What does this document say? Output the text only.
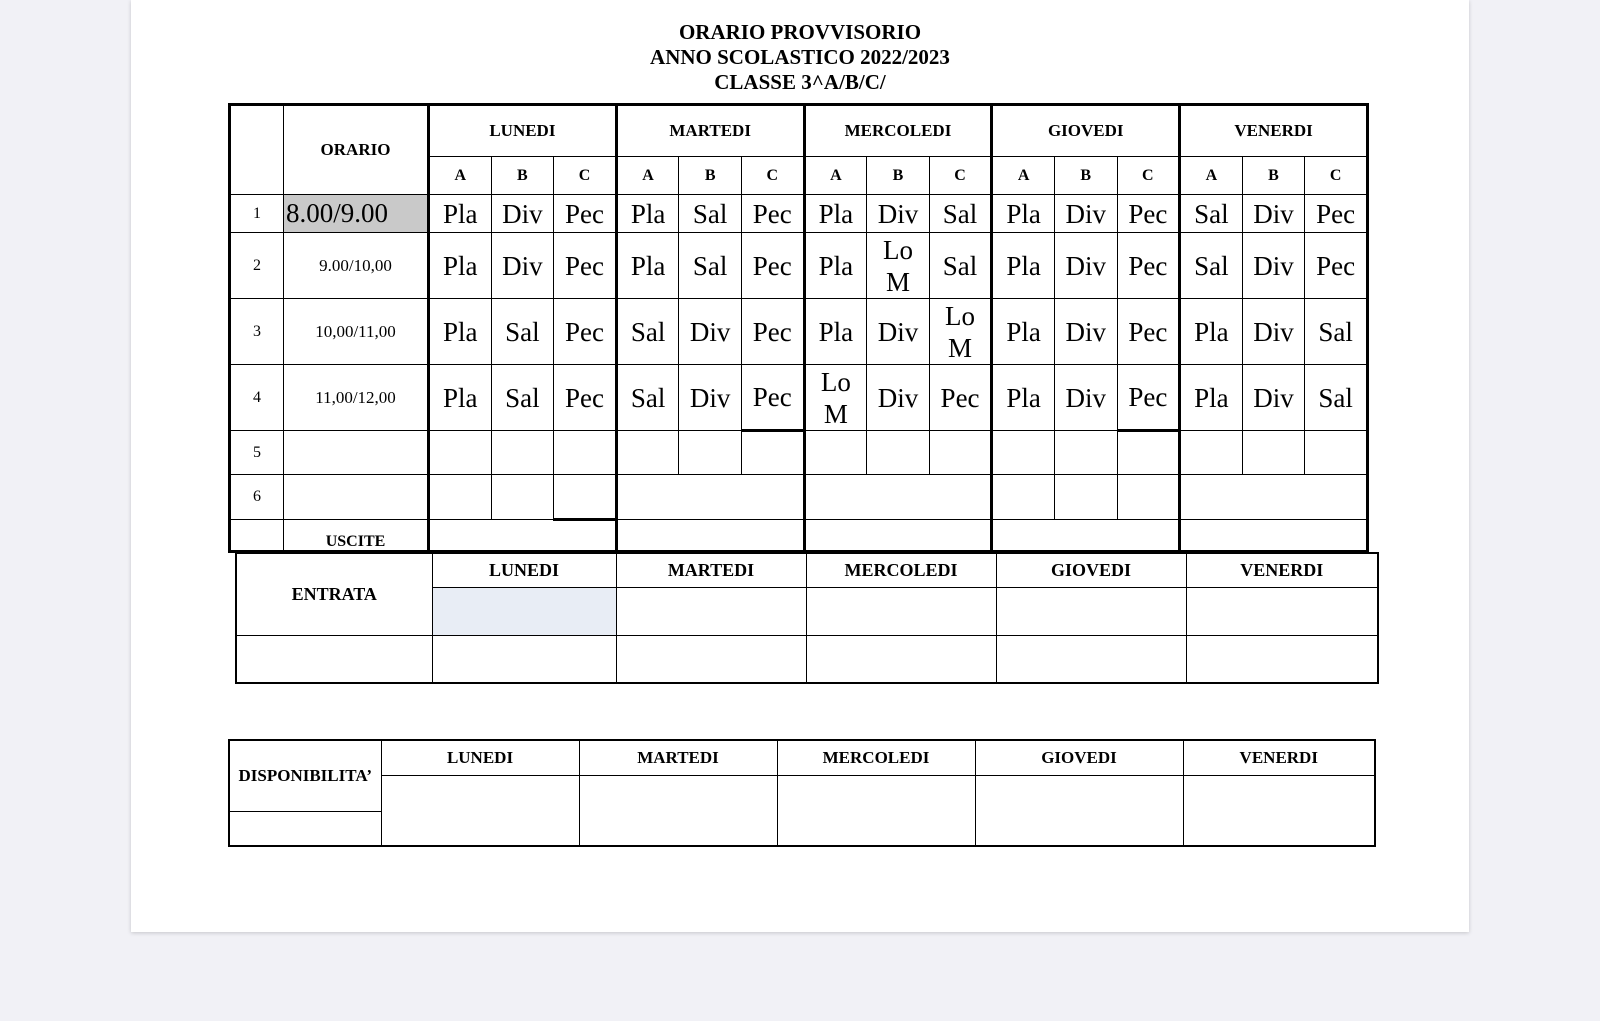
ORARIO PROVVISORIO
ANNO SCOLASTICO 2022/2023
CLASSE 3^A/B/C/
	ORARIO	LUNEDI			MARTEDI			MERCOLEDI			GIOVEDI			VENERDI		
		A	B	C	A	B	C	A	B	C	A	B	C	A	B	C
1	8.00/9.00	Pla	Div	Pec	Pla	Sal	Pec	Pla	Div	Sal	Pla	Div	Pec	Sal	Div	Pec
2	9.00/10,00	Pla	Div	Pec	Pla	Sal	Pec	Pla	Lo
M	Sal	Pla	Div	Pec	Sal	Div	Pec
3	10,00/11,00	Pla	Sal	Pec	Sal	Div	Pec	Pla	Div	Lo
M	Pla	Div	Pec	Pla	Div	Sal
4	11,00/12,00	Pla	Sal	Pec	Sal	Div	Pec	Lo
M	Div	Pec	Pla	Div	Pec	Pla	Div	Sal
5																
6																
	USCITE															
ENTRATA	LUNEDI	MARTEDI	MERCOLEDI	GIOVEDI	VENERDI

DISPONIBILITA’	LUNEDI	MARTEDI	MERCOLEDI	GIOVEDI	VENERDI
